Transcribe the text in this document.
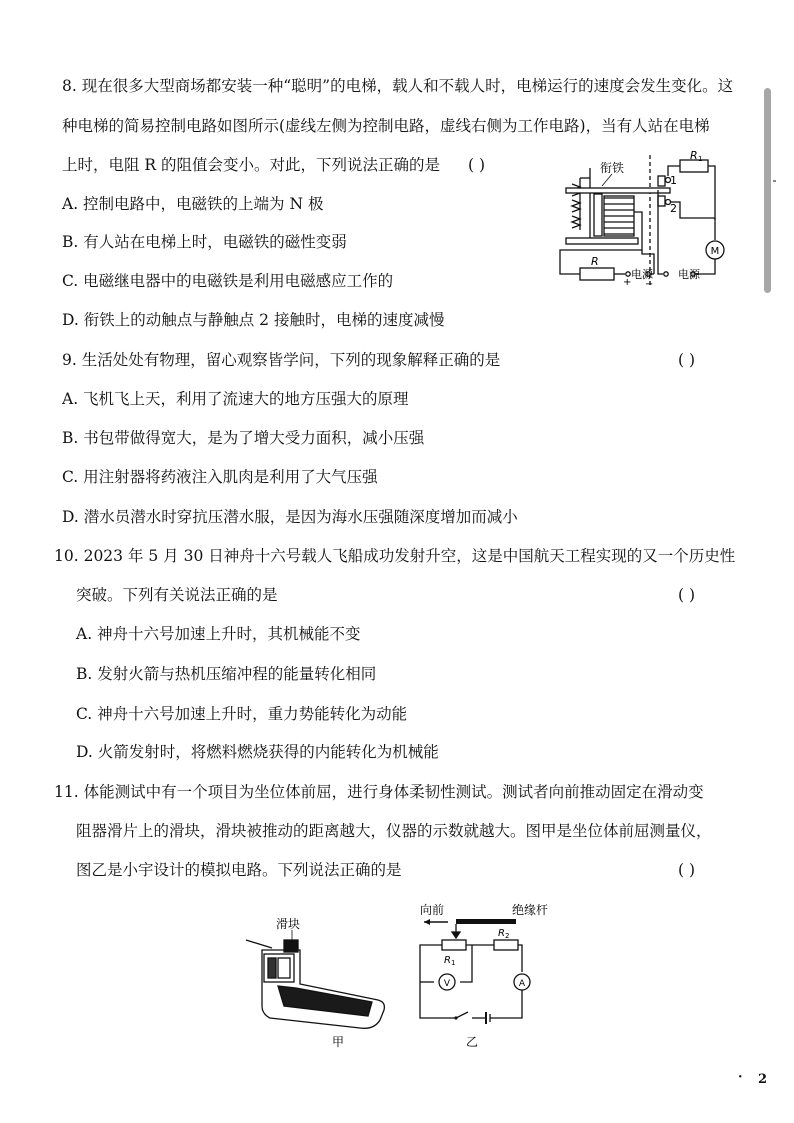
8. 现在很多大型商场都安装一种“聪明”的电梯，载人和不载人时，电梯运行的速度会发生变化。这
种电梯的简易控制电路如图所示(虚线左侧为控制电路，虚线右侧为工作电路)，当有人站在电梯
上时，电阻 R 的阻值会变小。对此，下列说法正确的是 ( )
A. 控制电路中，电磁铁的上端为 N 极
B. 有人站在电梯上时，电磁铁的磁性变弱
C. 电磁继电器中的电磁铁是利用电磁感应工作的
D. 衔铁上的动触点与静触点 2 接触时，电梯的速度减慢
衔铁
1
2
R 1
R
+
电源
−
电源
M
9. 生活处处有物理，留心观察皆学问，下列的现象解释正确的是	( )
A. 飞机飞上天，利用了流速大的地方压强大的原理
B. 书包带做得宽大，是为了增大受力面积，减小压强
C. 用注射器将药液注入肌肉是利用了大气压强
D. 潜水员潜水时穿抗压潜水服，是因为海水压强随深度增加而减小
10. 2023 年 5 月 30 日神舟十六号载人飞船成功发射升空，这是中国航天工程实现的又一个历史性
突破。下列有关说法正确的是	( )
A. 神舟十六号加速上升时，其机械能不变
B. 发射火箭与热机压缩冲程的能量转化相同
C. 神舟十六号加速上升时，重力势能转化为动能
D. 火箭发射时，将燃料燃烧获得的内能转化为机械能
11. 体能测试中有一个项目为坐位体前屈，进行身体柔韧性测试。测试者向前推动固定在滑动变
阻器滑片上的滑块，滑块被推动的距离越大，仪器的示数就越大。图甲是坐位体前屈测量仪，
图乙是小宇设计的模拟电路。下列说法正确的是	( )
滑块
甲
向前	绝缘杆
R 1
R 2
V	A
乙
· 2
